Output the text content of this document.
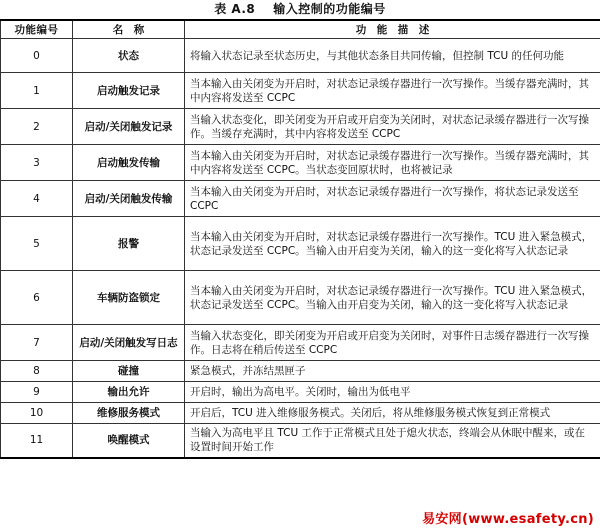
表 A.8 输入控制的功能编号
功能编号	名　称	功　能　描　述
0	状态	将输入状态记录至状态历史，与其他状态条目共同传输，但控制 TCU 的任何功能
1	启动触发记录	当本输入由关闭变为开启时，对状态记录缓存器进行一次写操作。当缓存器充满时，其中内容将发送至 CCPC
2	启动/关闭触发记录	当输入状态变化，即关闭变为开启或开启变为关闭时，对状态记录缓存器进行一次写操作。当缓存充满时，其中内容将发送至 CCPC
3	启动触发传输	当本输入由关闭变为开启时，对状态记录缓存器进行一次写操作。当缓存器充满时，其中内容将发送至 CCPC。当状态变回原状时，也将被记录
4	启动/关闭触发传输	当本输入由关闭变为开启时，对状态记录缓存器进行一次写操作，将状态记录发送至 CCPC
5	报警	当本输入由关闭变为开启时，对状态记录缓存器进行一次写操作。TCU 进入紧急模式，状态记录发送至 CCPC。当输入由开启变为关闭，输入的这一变化将写入状态记录
6	车辆防盗锁定	当本输入由关闭变为开启时，对状态记录缓存器进行一次写操作。TCU 进入紧急模式，状态记录发送至 CCPC。当输入由开启变为关闭，输入的这一变化将写入状态记录
7	启动/关闭触发写日志	当输入状态变化，即关闭变为开启或开启变为关闭时，对事件日志缓存器进行一次写操作。日志将在稍后传送至 CCPC
8	碰撞	紧急模式，并冻结黑匣子
9	输出允许	开启时，输出为高电平。关闭时，输出为低电平
10	维修服务模式	开启后，TCU 进入维修服务模式。关闭后，将从维修服务模式恢复到正常模式
11	唤醒模式	当输入为高电平且 TCU 工作于正常模式且处于熄火状态，终端会从休眠中醒来，或在设置时间开始工作
易安网(www.esafety.cn)
